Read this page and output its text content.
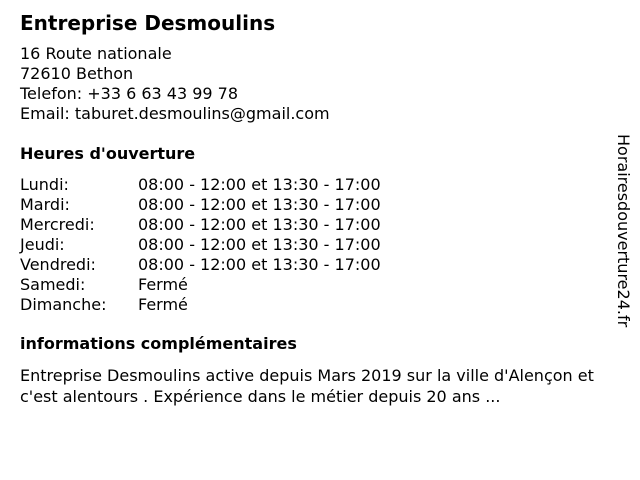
Entreprise Desmoulins

16 Route nationale

72610 Bethon

Telefon: +33 6 63 43 99 78

Email: taburet.desmoulins@gmail.com

Heures d'ouverture
Lundi:	08:00 - 12:00 et 13:30 - 17:00
Mardi:	08:00 - 12:00 et 13:30 - 17:00
Mercredi:	08:00 - 12:00 et 13:30 - 17:00
Jeudi:	08:00 - 12:00 et 13:30 - 17:00
Vendredi:	08:00 - 12:00 et 13:30 - 17:00
Samedi:	Fermé
Dimanche:	Fermé
informations complémentaires

Entreprise Desmoulins active depuis Mars 2019 sur la ville d'Alençon et c'est alentours . Expérience dans le métier depuis 20 ans ...

Horairesdouverture24.fr
